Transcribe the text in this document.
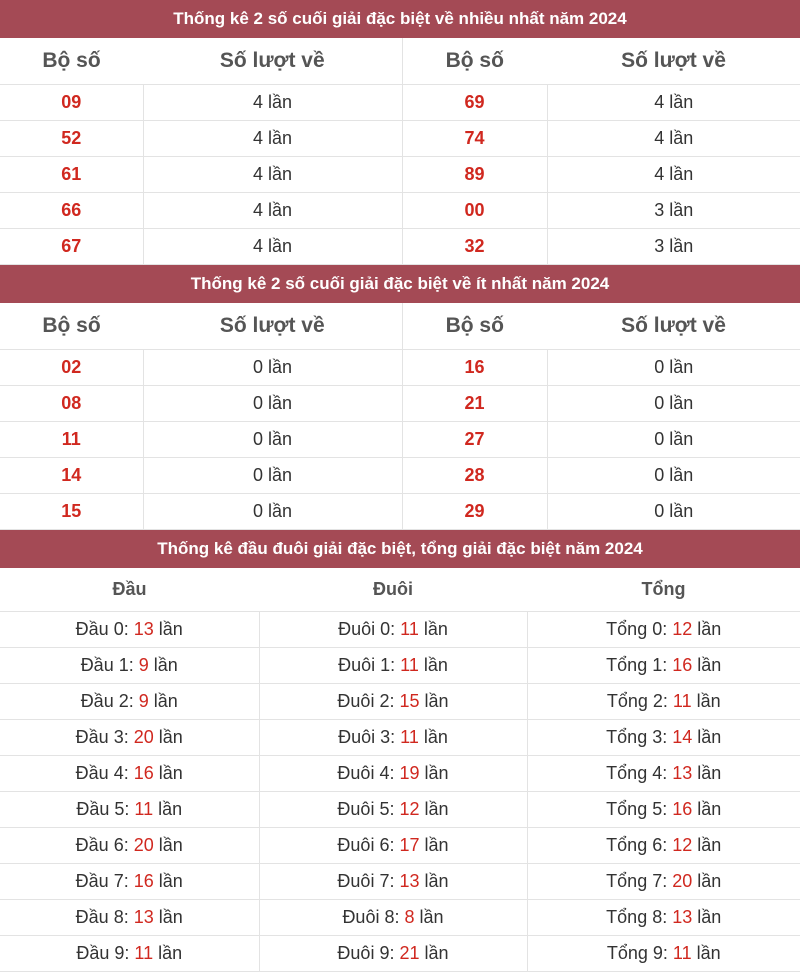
Thống kê 2 số cuối giải đặc biệt về nhiều nhất năm 2024
Bộ số	Số lượt về	Bộ số	Số lượt về
09	4 lần	69	4 lần
52	4 lần	74	4 lần
61	4 lần	89	4 lần
66	4 lần	00	3 lần
67	4 lần	32	3 lần
Thống kê 2 số cuối giải đặc biệt về ít nhất năm 2024
Bộ số	Số lượt về	Bộ số	Số lượt về
02	0 lần	16	0 lần
08	0 lần	21	0 lần
11	0 lần	27	0 lần
14	0 lần	28	0 lần
15	0 lần	29	0 lần
Thống kê đầu đuôi giải đặc biệt, tổng giải đặc biệt năm 2024
Đầu	Đuôi	Tổng
Đầu 0: 13 lần	Đuôi 0: 11 lần	Tổng 0: 12 lần
Đầu 1: 9 lần	Đuôi 1: 11 lần	Tổng 1: 16 lần
Đầu 2: 9 lần	Đuôi 2: 15 lần	Tổng 2: 11 lần
Đầu 3: 20 lần	Đuôi 3: 11 lần	Tổng 3: 14 lần
Đầu 4: 16 lần	Đuôi 4: 19 lần	Tổng 4: 13 lần
Đầu 5: 11 lần	Đuôi 5: 12 lần	Tổng 5: 16 lần
Đầu 6: 20 lần	Đuôi 6: 17 lần	Tổng 6: 12 lần
Đầu 7: 16 lần	Đuôi 7: 13 lần	Tổng 7: 20 lần
Đầu 8: 13 lần	Đuôi 8: 8 lần	Tổng 8: 13 lần
Đầu 9: 11 lần	Đuôi 9: 21 lần	Tổng 9: 11 lần
